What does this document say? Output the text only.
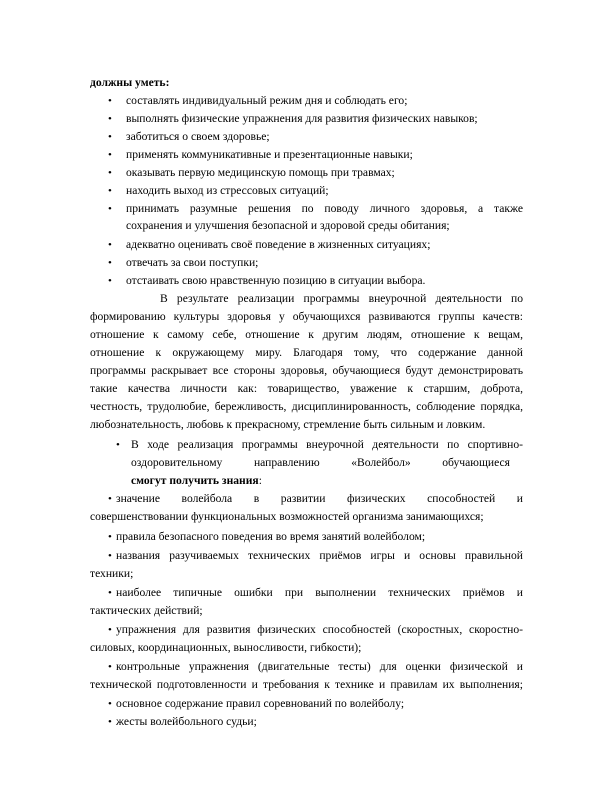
должны уметь:
• составлять индивидуальный режим дня и соблюдать его;
• выполнять физические упражнения для развития физических навыков;
• заботиться о своем здоровье;
• применять коммуникативные и презентационные навыки;
• оказывать первую медицинскую помощь при травмах;
• находить выход из стрессовых ситуаций;
• принимать разумные решения по поводу личного здоровья, а также
сохранения и улучшения безопасной и здоровой среды обитания;
• адекватно оценивать своё поведение в жизненных ситуациях;
• отвечать за свои поступки;
• отстаивать свою нравственную позицию в ситуации выбора.
В результате реализации программы внеурочной деятельности по
формированию культуры здоровья у обучающихся развиваются группы качеств:
отношение к самому себе, отношение к другим людям, отношение к вещам,
отношение к окружающему миру. Благодаря тому, что содержание данной
программы раскрывает все стороны здоровья, обучающиеся будут демонстрировать
такие качества личности как: товарищество, уважение к старшим, доброта,
честность, трудолюбие, бережливость, дисциплинированность, соблюдение порядка,
любознательность, любовь к прекрасному, стремление быть сильным и ловким.
• В ходе реализация программы внеурочной деятельности по спортивно-
оздоровительному направлению «Волейбол» обучающиеся
смогут получить знания:
• значение волейбола в развитии физических способностей и
совершенствовании функциональных возможностей организма занимающихся;
• правила безопасного поведения во время занятий волейболом;
• названия разучиваемых технических приёмов игры и основы правильной
техники;
• наиболее типичные ошибки при выполнении технических приёмов и
тактических действий;
• упражнения для развития физических способностей (скоростных, скоростно-
силовых, координационных, выносливости, гибкости);
• контрольные упражнения (двигательные тесты) для оценки физической и
технической подготовленности и требования к технике и правилам их выполнения;
• основное содержание правил соревнований по волейболу;
• жесты волейбольного судьи;
